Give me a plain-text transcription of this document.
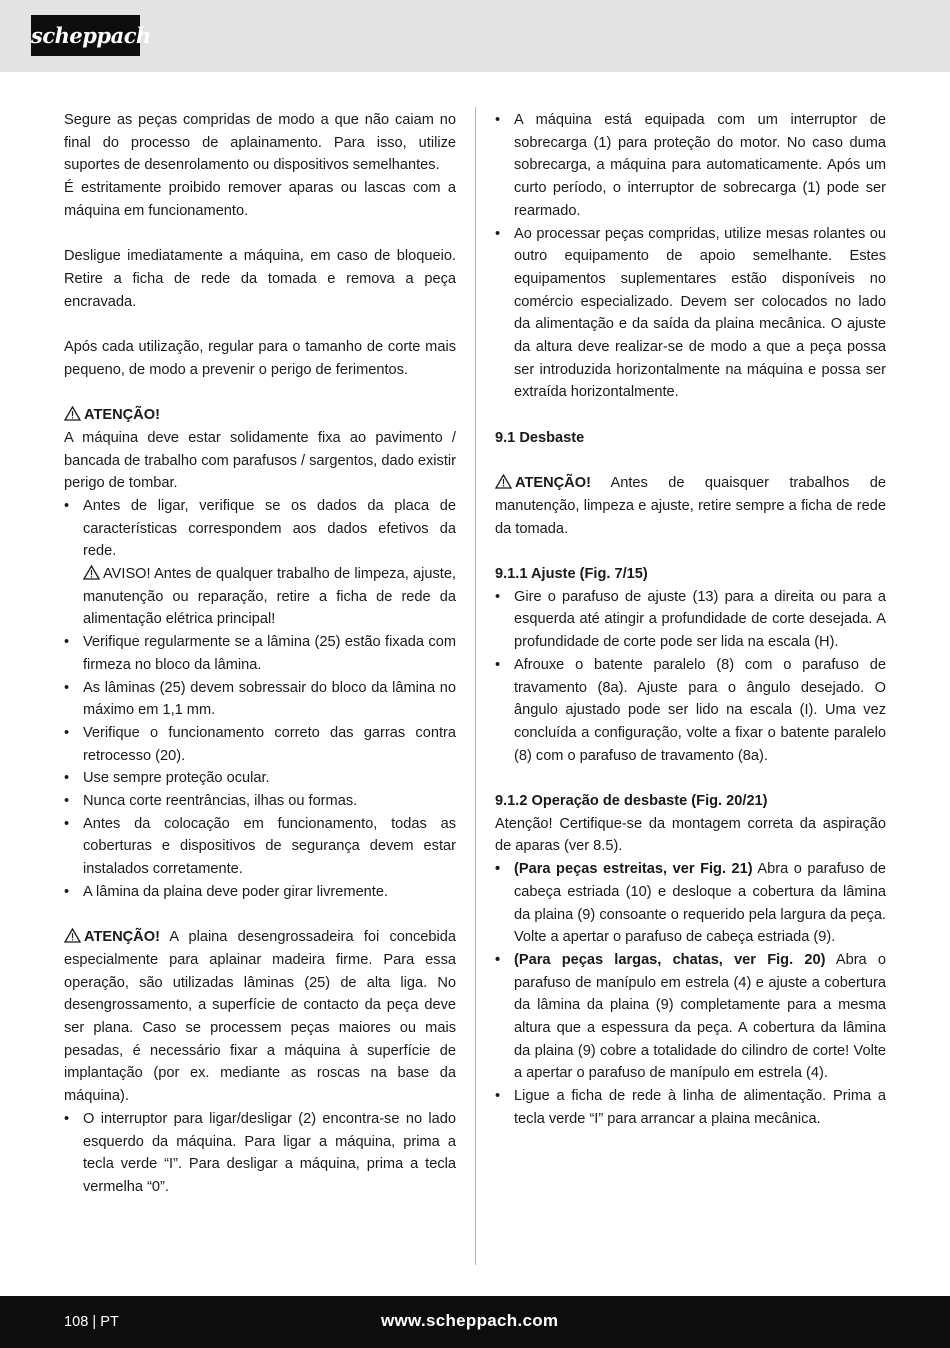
scheppach

Segure as peças compridas de modo a que não caiam no final do processo de aplainamento. Para isso, utilize suportes de desenrolamento ou dispositivos semelhantes.

É estritamente proibido remover aparas ou lascas com a máquina em funcionamento.

Desligue imediatamente a máquina, em caso de bloqueio. Retire a ficha de rede da tomada e remova a peça encravada.

Após cada utilização, regular para o tamanho de corte mais pequeno, de modo a prevenir o perigo de ferimentos.

ATENÇÃO!

A máquina deve estar solidamente fixa ao pavimento / bancada de trabalho com parafusos / sargentos, dado existir perigo de tombar.

• Antes de ligar, verifique se os dados da placa de características correspondem aos dados efetivos da rede.

AVISO! Antes de qualquer trabalho de limpeza, ajuste, manutenção ou reparação, retire a ficha de rede da alimentação elétrica principal!

• Verifique regularmente se a lâmina (25) estão fixada com firmeza no bloco da lâmina.

• As lâminas (25) devem sobressair do bloco da lâmina no máximo em 1,1 mm.

• Verifique o funcionamento correto das garras contra retrocesso (20).

• Use sempre proteção ocular.

• Nunca corte reentrâncias, ilhas ou formas.

• Antes da colocação em funcionamento, todas as coberturas e dispositivos de segurança devem estar instalados corretamente.

• A lâmina da plaina deve poder girar livremente.

ATENÇÃO! A plaina desengrossadeira foi concebida especialmente para aplainar madeira firme. Para essa operação, são utilizadas lâminas (25) de alta liga. No desengrossamento, a superfície de contacto da peça deve ser plana. Caso se processem peças maiores ou mais pesadas, é necessário fixar a máquina à superfície de implantação (por ex. mediante as roscas na base da máquina).

• O interruptor para ligar/desligar (2) encontra-se no lado esquerdo da máquina. Para ligar a máquina, prima a tecla verde “I”. Para desligar a máquina, prima a tecla vermelha “0”.

• A máquina está equipada com um interruptor de sobrecarga (1) para proteção do motor. No caso duma sobrecarga, a máquina para automaticamente. Após um curto período, o interruptor de sobrecarga (1) pode ser rearmado.

• Ao processar peças compridas, utilize mesas rolantes ou outro equipamento de apoio semelhante. Estes equipamentos suplementares estão disponíveis no comércio especializado. Devem ser colocados no lado da alimentação e da saída da plaina mecânica. O ajuste da altura deve realizar-se de modo a que a peça possa ser introduzida horizontalmente na máquina e possa ser extraída horizontalmente.

9.1 Desbaste

ATENÇÃO! Antes de quaisquer trabalhos de manutenção, limpeza e ajuste, retire sempre a ficha de rede da tomada.

9.1.1 Ajuste (Fig. 7/15)

• Gire o parafuso de ajuste (13) para a direita ou para a esquerda até atingir a profundidade de corte desejada. A profundidade de corte pode ser lida na escala (H).

• Afrouxe o batente paralelo (8) com o parafuso de travamento (8a). Ajuste para o ângulo desejado. O ângulo ajustado pode ser lido na escala (I). Uma vez concluída a configuração, volte a fixar o batente paralelo (8) com o parafuso de travamento (8a).

9.1.2 Operação de desbaste (Fig. 20/21)

Atenção! Certifique-se da montagem correta da aspiração de aparas (ver 8.5).

• (Para peças estreitas, ver Fig. 21) Abra o parafuso de cabeça estriada (10) e desloque a cobertura da lâmina da plaina (9) consoante o requerido pela largura da peça. Volte a apertar o parafuso de cabeça estriada (9).

• (Para peças largas, chatas, ver Fig. 20) Abra o parafuso de manípulo em estrela (4) e ajuste a cobertura da lâmina da plaina (9) completamente para a mesma altura que a espessura da peça. A cobertura da lâmina da plaina (9) cobre a totalidade do cilindro de corte! Volte a apertar o parafuso de manípulo em estrela (4).

• Ligue a ficha de rede à linha de alimentação. Prima a tecla verde “I” para arrancar a plaina mecânica.

108 | PT	www.scheppach.com
